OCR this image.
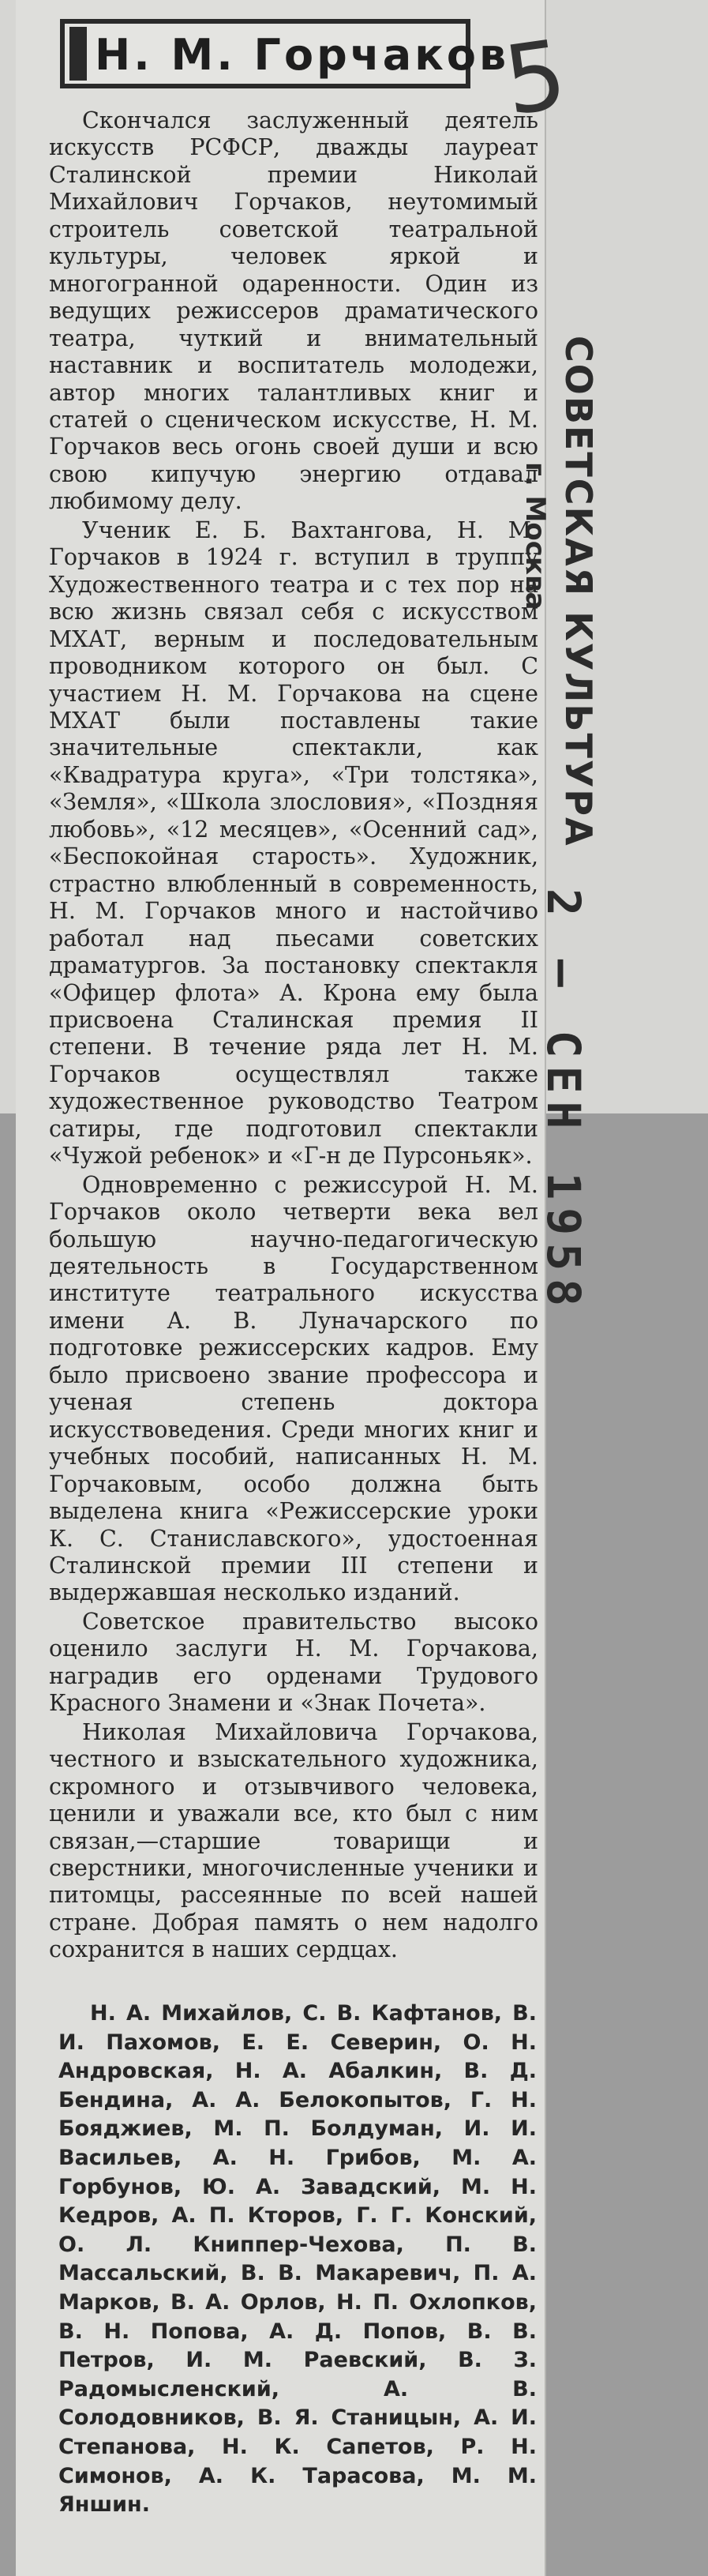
Н. М. Горчаков

Скончался заслуженный деятель искусств РСФСР, дважды лауреат Сталинской премии Николай Михайлович Горчаков, неутомимый строитель советской театральной культуры, человек яркой и многогранной одаренности. Один из ведущих режиссеров драматического театра, чуткий и внимательный наставник и воспитатель молодежи, автор многих талантливых книг и статей о сценическом искусстве, Н. М. Горчаков весь огонь своей души и всю свою кипучую энергию отдавал любимому делу.

Ученик Е. Б. Вахтангова, Н. М. Горчаков в 1924 г. вступил в труппу Художественного театра и с тех пор на всю жизнь связал себя с искусством МХАТ, верным и последовательным проводником которого он был. С участием Н. М. Горчакова на сцене МХАТ были поставлены такие значительные спектакли, как «Квадратура круга», «Три толстяка», «Земля», «Школа злословия», «Поздняя любовь», «12 месяцев», «Осенний сад», «Беспокойная старость». Художник, страстно влюбленный в современность, Н. М. Горчаков много и настойчиво работал над пьесами советских драматургов. За постановку спектакля «Офицер флота» А. Крона ему была присвоена Сталинская премия II степени. В течение ряда лет Н. М. Горчаков осуществлял также художественное руководство Театром сатиры, где подготовил спектакли «Чужой ребенок» и «Г-н де Пурсоньяк».

Одновременно с режиссурой Н. М. Горчаков около четверти века вел большую научно-педагогическую деятельность в Государственном институте театрального искусства имени А. В. Луначарского по подготовке режиссерских кадров. Ему было присвоено звание профессора и ученая степень доктора искусствоведения. Среди многих книг и учебных пособий, написанных Н. М. Горчаковым, особо должна быть выделена книга «Режиссерские уроки К. С. Станиславского», удостоенная Сталинской премии III степени и выдержавшая несколько изданий.

Советское правительство высоко оценило заслуги Н. М. Горчакова, наградив его орденами Трудового Красного Знамени и «Знак Почета».

Николая Михайловича Горчакова, честного и взыскательного художника, скромного и отзывчивого человека, ценили и уважали все, кто был с ним связан,—старшие товарищи и сверстники, многочисленные ученики и питомцы, рассеянные по всей нашей стране. Добрая память о нем надолго сохранится в наших сердцах.

Н. А. Михайлов, С. В. Кафтанов, В. И. Пахомов, Е. Е. Северин, О. Н. Андровская, Н. А. Абалкин, В. Д. Бендина, А. А. Белокопытов, Г. Н. Бояджиев, М. П. Болдуман, И. И. Васильев, А. Н. Грибов, М. А. Горбунов, Ю. А. Завадский, М. Н. Кедров, А. П. Кторов, Г. Г. Конский, О. Л. Книппер-Чехова, П. В. Массальский, В. В. Макаревич, П. А. Марков, В. А. Орлов, Н. П. Охлопков, В. Н. Попова, А. Д. Попов, В. В. Петров, И. М. Раевский, В. З. Радомысленский, А. В. Солодовников, В. Я. Станицын, А. И. Степанова, Н. К. Сапетов, Р. Н. Симонов, А. К. Тарасова, М. М. Яншин.
5
СОВЕТСКАЯ КУЛЬТУРА
г. Москва
2 — СЕН 1958
